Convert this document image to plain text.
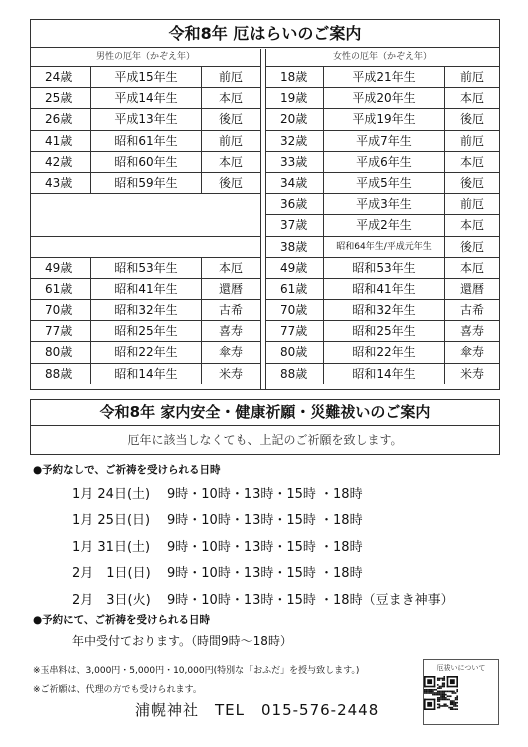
令和8年 厄はらいのご案内
男性の厄年（かぞえ年）
24歳	平成15年生	前厄
25歳	平成14年生	本厄
26歳	平成13年生	後厄
41歳	昭和61年生	前厄
42歳	昭和60年生	本厄
43歳	昭和59年生	後厄
49歳	昭和53年生	本厄
61歳	昭和41年生	還暦
70歳	昭和32年生	古希
77歳	昭和25年生	喜寿
80歳	昭和22年生	傘寿
88歳	昭和14年生	米寿
女性の厄年（かぞえ年）
18歳	平成21年生	前厄
19歳	平成20年生	本厄
20歳	平成19年生	後厄
32歳	平成7年生	前厄
33歳	平成6年生	本厄
34歳	平成5年生	後厄
36歳	平成3年生	前厄
37歳	平成2年生	本厄
38歳	昭和64年生/平成元年生	後厄
49歳	昭和53年生	本厄
61歳	昭和41年生	還暦
70歳	昭和32年生	古希
77歳	昭和25年生	喜寿
80歳	昭和22年生	傘寿
88歳	昭和14年生	米寿
令和8年 家内安全・健康祈願・災難祓いのご案内
厄年に該当しなくても、上記のご祈願を致します。
●予約なしで、ご祈祷を受けられる日時
1月 24日(土) 9時・10時・13時・15時 ・18時
1月 25日(日) 9時・10時・13時・15時 ・18時
1月 31日(土) 9時・10時・13時・15時 ・18時
2月　1日(日) 9時・10時・13時・15時 ・18時
2月　3日(火) 9時・10時・13時・15時 ・18時（豆まき神事）
●予約にて、ご祈祷を受けられる日時
年中受付ております。（時間9時〜18時）
※玉串料は、3,000円・5,000円・10,000円(特別な「おふだ」を授与致します。)
※ご祈願は、代理の方でも受けられます。
浦幌神社　TEL　015-576-2448
厄祓いについて
